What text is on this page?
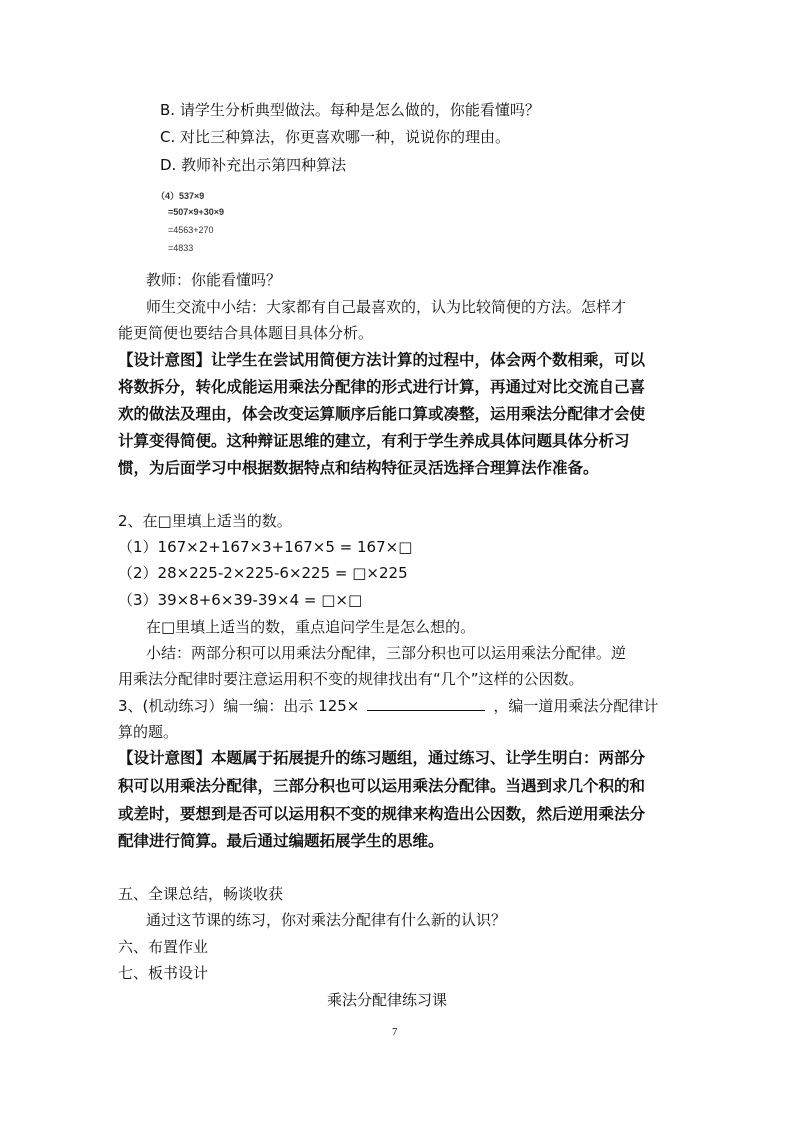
B. 请学生分析典型做法。每种是怎么做的，你能看懂吗？
C. 对比三种算法，你更喜欢哪一种，说说你的理由。
D. 教师补充出示第四种算法
（4）537×9
=507×9+30×9
=4563+270
=4833
教师：你能看懂吗？
师生交流中小结：大家都有自己最喜欢的，认为比较简便的方法。怎样才
能更简便也要结合具体题目具体分析。
【设计意图】让学生在尝试用简便方法计算的过程中，体会两个数相乘，可以
将数拆分，转化成能运用乘法分配律的形式进行计算，再通过对比交流自己喜
欢的做法及理由，体会改变运算顺序后能口算或凑整，运用乘法分配律才会使
计算变得简便。这种辩证思维的建立，有利于学生养成具体问题具体分析习
惯，为后面学习中根据数据特点和结构特征灵活选择合理算法作准备。
2、在□里填上适当的数。
（1）167×2+167×3+167×5 = 167×□
（2）28×225-2×225-6×225 = □×225
（3）39×8+6×39-39×4 = □×□
在□里填上适当的数，重点追问学生是怎么想的。
小结：两部分积可以用乘法分配律，三部分积也可以运用乘法分配律。逆
用乘法分配律时要注意运用积不变的规律找出有“几个”这样的公因数。
3、(机动练习）编一编：出示 125×	，编一道用乘法分配律计
算的题。
【设计意图】本题属于拓展提升的练习题组，通过练习、让学生明白：两部分
积可以用乘法分配律，三部分积也可以运用乘法分配律。当遇到求几个积的和
或差时，要想到是否可以运用积不变的规律来构造出公因数，然后逆用乘法分
配律进行简算。最后通过编题拓展学生的思维。
五、全课总结，畅谈收获
通过这节课的练习，你对乘法分配律有什么新的认识？
六、布置作业
七、板书设计
乘法分配律练习课
7
